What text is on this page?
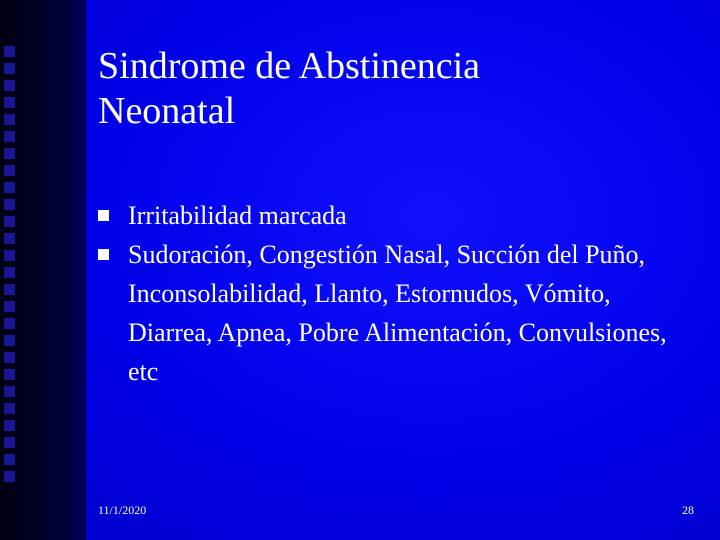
Sindrome de Abstinencia
Neonatal
Irritabilidad marcada
Sudoración, Congestión Nasal, Succión del Puño, Inconsolabilidad, Llanto, Estornudos, Vómito, Diarrea, Apnea, Pobre Alimentación, Convulsiones, etc
11/1/2020	28
